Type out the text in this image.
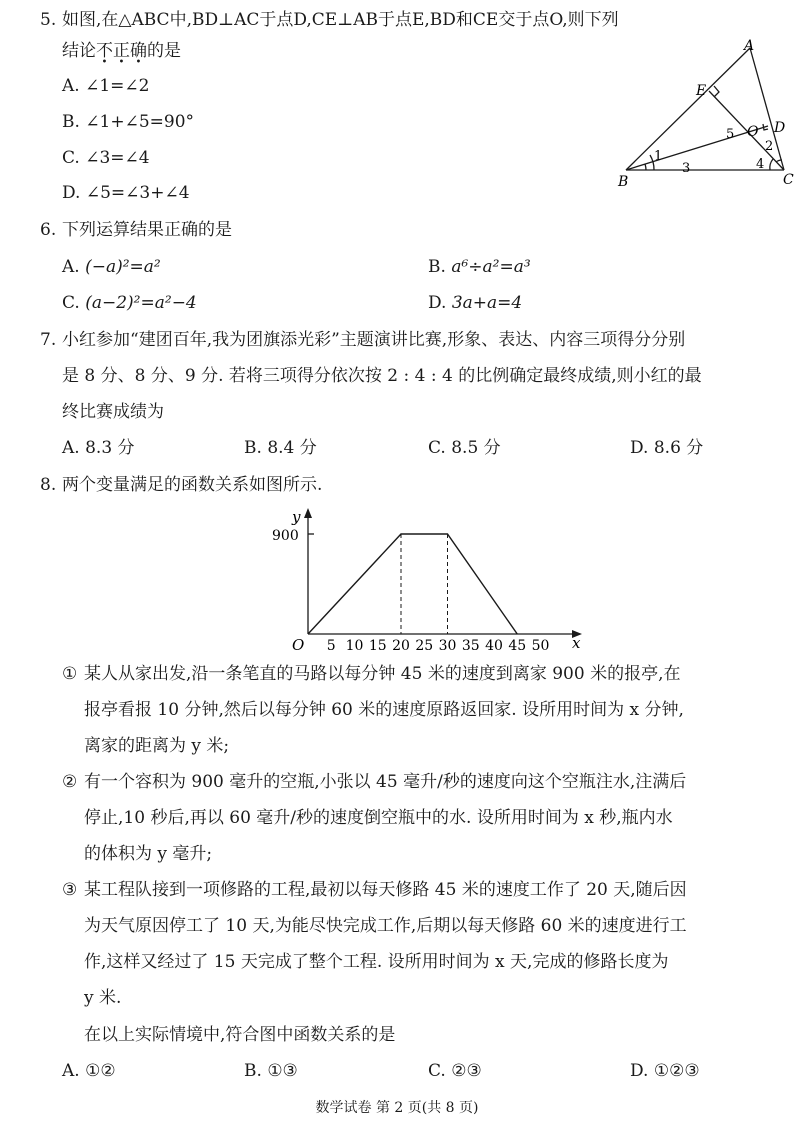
5. 如图,在△ABC中,BD⊥AC于点D,CE⊥AB于点E,BD和CE交于点O,则下列
结论不正确的是
A. ∠1=∠2
B. ∠1+∠5=90°
C. ∠3=∠4
D. ∠5=∠3+∠4
A
E
O D
B	C
1
2
3	4
5
6. 下列运算结果正确的是
A. (−a)²=a²	B. a⁶÷a²=a³
C. (a−2)²=a²−4	D. 3a+a=4
7. 小红参加“建团百年,我为团旗添光彩”主题演讲比赛,形象、表达、内容三项得分分别
是 8 分、8 分、9 分. 若将三项得分依次按 2 : 4 : 4 的比例确定最终成绩,则小红的最
终比赛成绩为
A. 8.3 分	B. 8.4 分	C. 8.5 分	D. 8.6 分
8. 两个变量满足的函数关系如图所示.
5 10 15 20 25 30 35 40 45 50
y
x
O
900
① 某人从家出发,沿一条笔直的马路以每分钟 45 米的速度到离家 900 米的报亭,在
报亭看报 10 分钟,然后以每分钟 60 米的速度原路返回家. 设所用时间为 x 分钟,
离家的距离为 y 米;
② 有一个容积为 900 毫升的空瓶,小张以 45 毫升/秒的速度向这个空瓶注水,注满后
停止,10 秒后,再以 60 毫升/秒的速度倒空瓶中的水. 设所用时间为 x 秒,瓶内水
的体积为 y 毫升;
③ 某工程队接到一项修路的工程,最初以每天修路 45 米的速度工作了 20 天,随后因
为天气原因停工了 10 天,为能尽快完成工作,后期以每天修路 60 米的速度进行工
作,这样又经过了 15 天完成了整个工程. 设所用时间为 x 天,完成的修路长度为
y 米.
在以上实际情境中,符合图中函数关系的是
A. ①②	B. ①③	C. ②③	D. ①②③
数学试卷 第 2 页(共 8 页)
